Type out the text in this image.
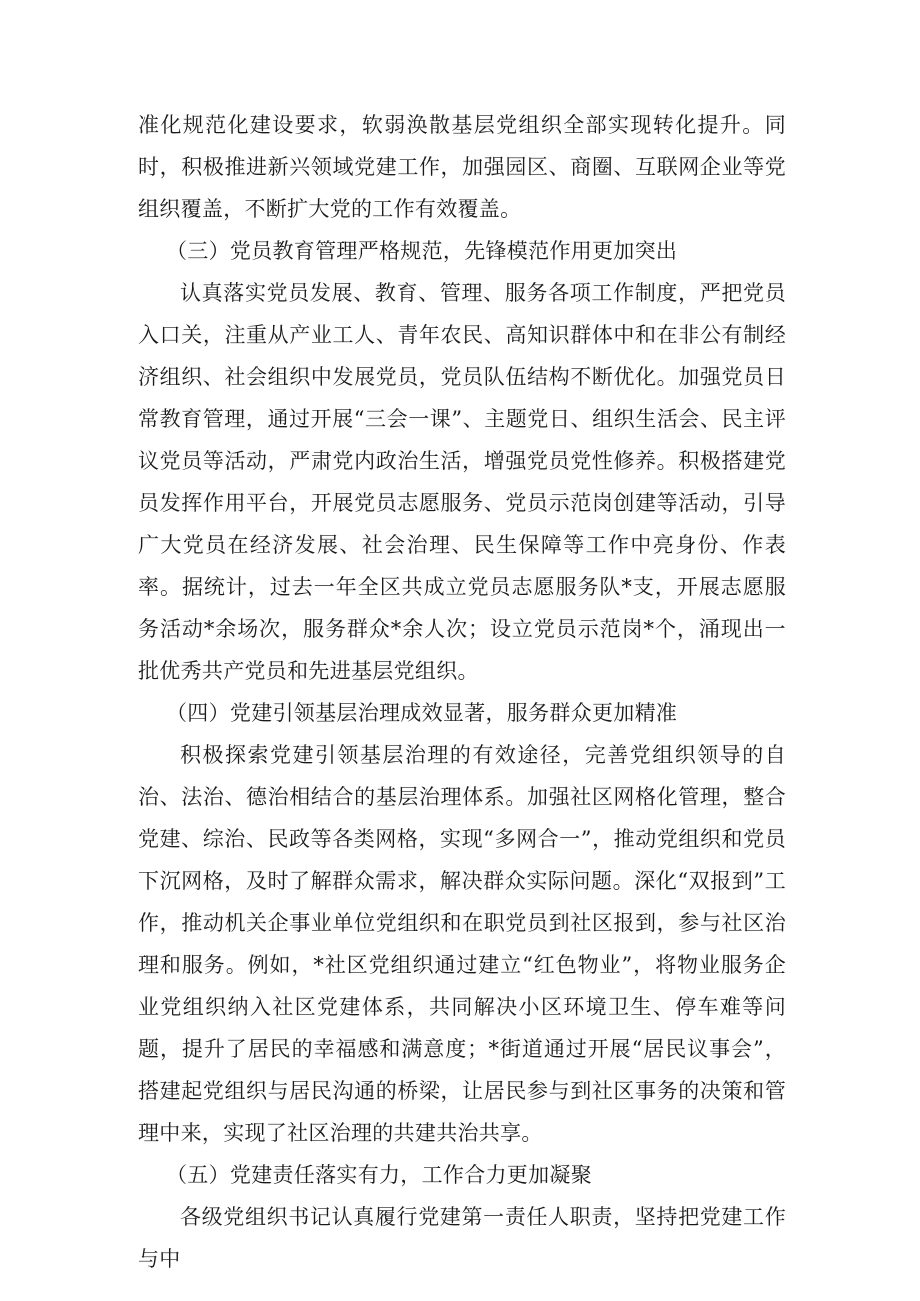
准化规范化建设要求，软弱涣散基层党组织全部实现转化提升。同时，积极推进新兴领域党建工作，加强园区、商圈、互联网企业等党组织覆盖，不断扩大党的工作有效覆盖。

（三）党员教育管理严格规范，先锋模范作用更加突出

认真落实党员发展、教育、管理、服务各项工作制度，严把党员入口关，注重从产业工人、青年农民、高知识群体中和在非公有制经济组织、社会组织中发展党员，党员队伍结构不断优化。加强党员日常教育管理，通过开展“三会一课”、主题党日、组织生活会、民主评议党员等活动，严肃党内政治生活，增强党员党性修养。积极搭建党员发挥作用平台，开展党员志愿服务、党员示范岗创建等活动，引导广大党员在经济发展、社会治理、民生保障等工作中亮身份、作表率。据统计，过去一年全区共成立党员志愿服务队*支，开展志愿服务活动*余场次，服务群众*余人次；设立党员示范岗*个，涌现出一批优秀共产党员和先进基层党组织。

（四）党建引领基层治理成效显著，服务群众更加精准

积极探索党建引领基层治理的有效途径，完善党组织领导的自治、法治、德治相结合的基层治理体系。加强社区网格化管理，整合党建、综治、民政等各类网格，实现“多网合一”，推动党组织和党员下沉网格，及时了解群众需求，解决群众实际问题。深化“双报到”工作，推动机关企事业单位党组织和在职党员到社区报到，参与社区治理和服务。例如，*社区党组织通过建立“红色物业”，将物业服务企业党组织纳入社区党建体系，共同解决小区环境卫生、停车难等问题，提升了居民的幸福感和满意度；*街道通过开展“居民议事会”，搭建起党组织与居民沟通的桥梁，让居民参与到社区事务的决策和管理中来，实现了社区治理的共建共治共享。

（五）党建责任落实有力，工作合力更加凝聚

各级党组织书记认真履行党建第一责任人职责，坚持把党建工作与中
